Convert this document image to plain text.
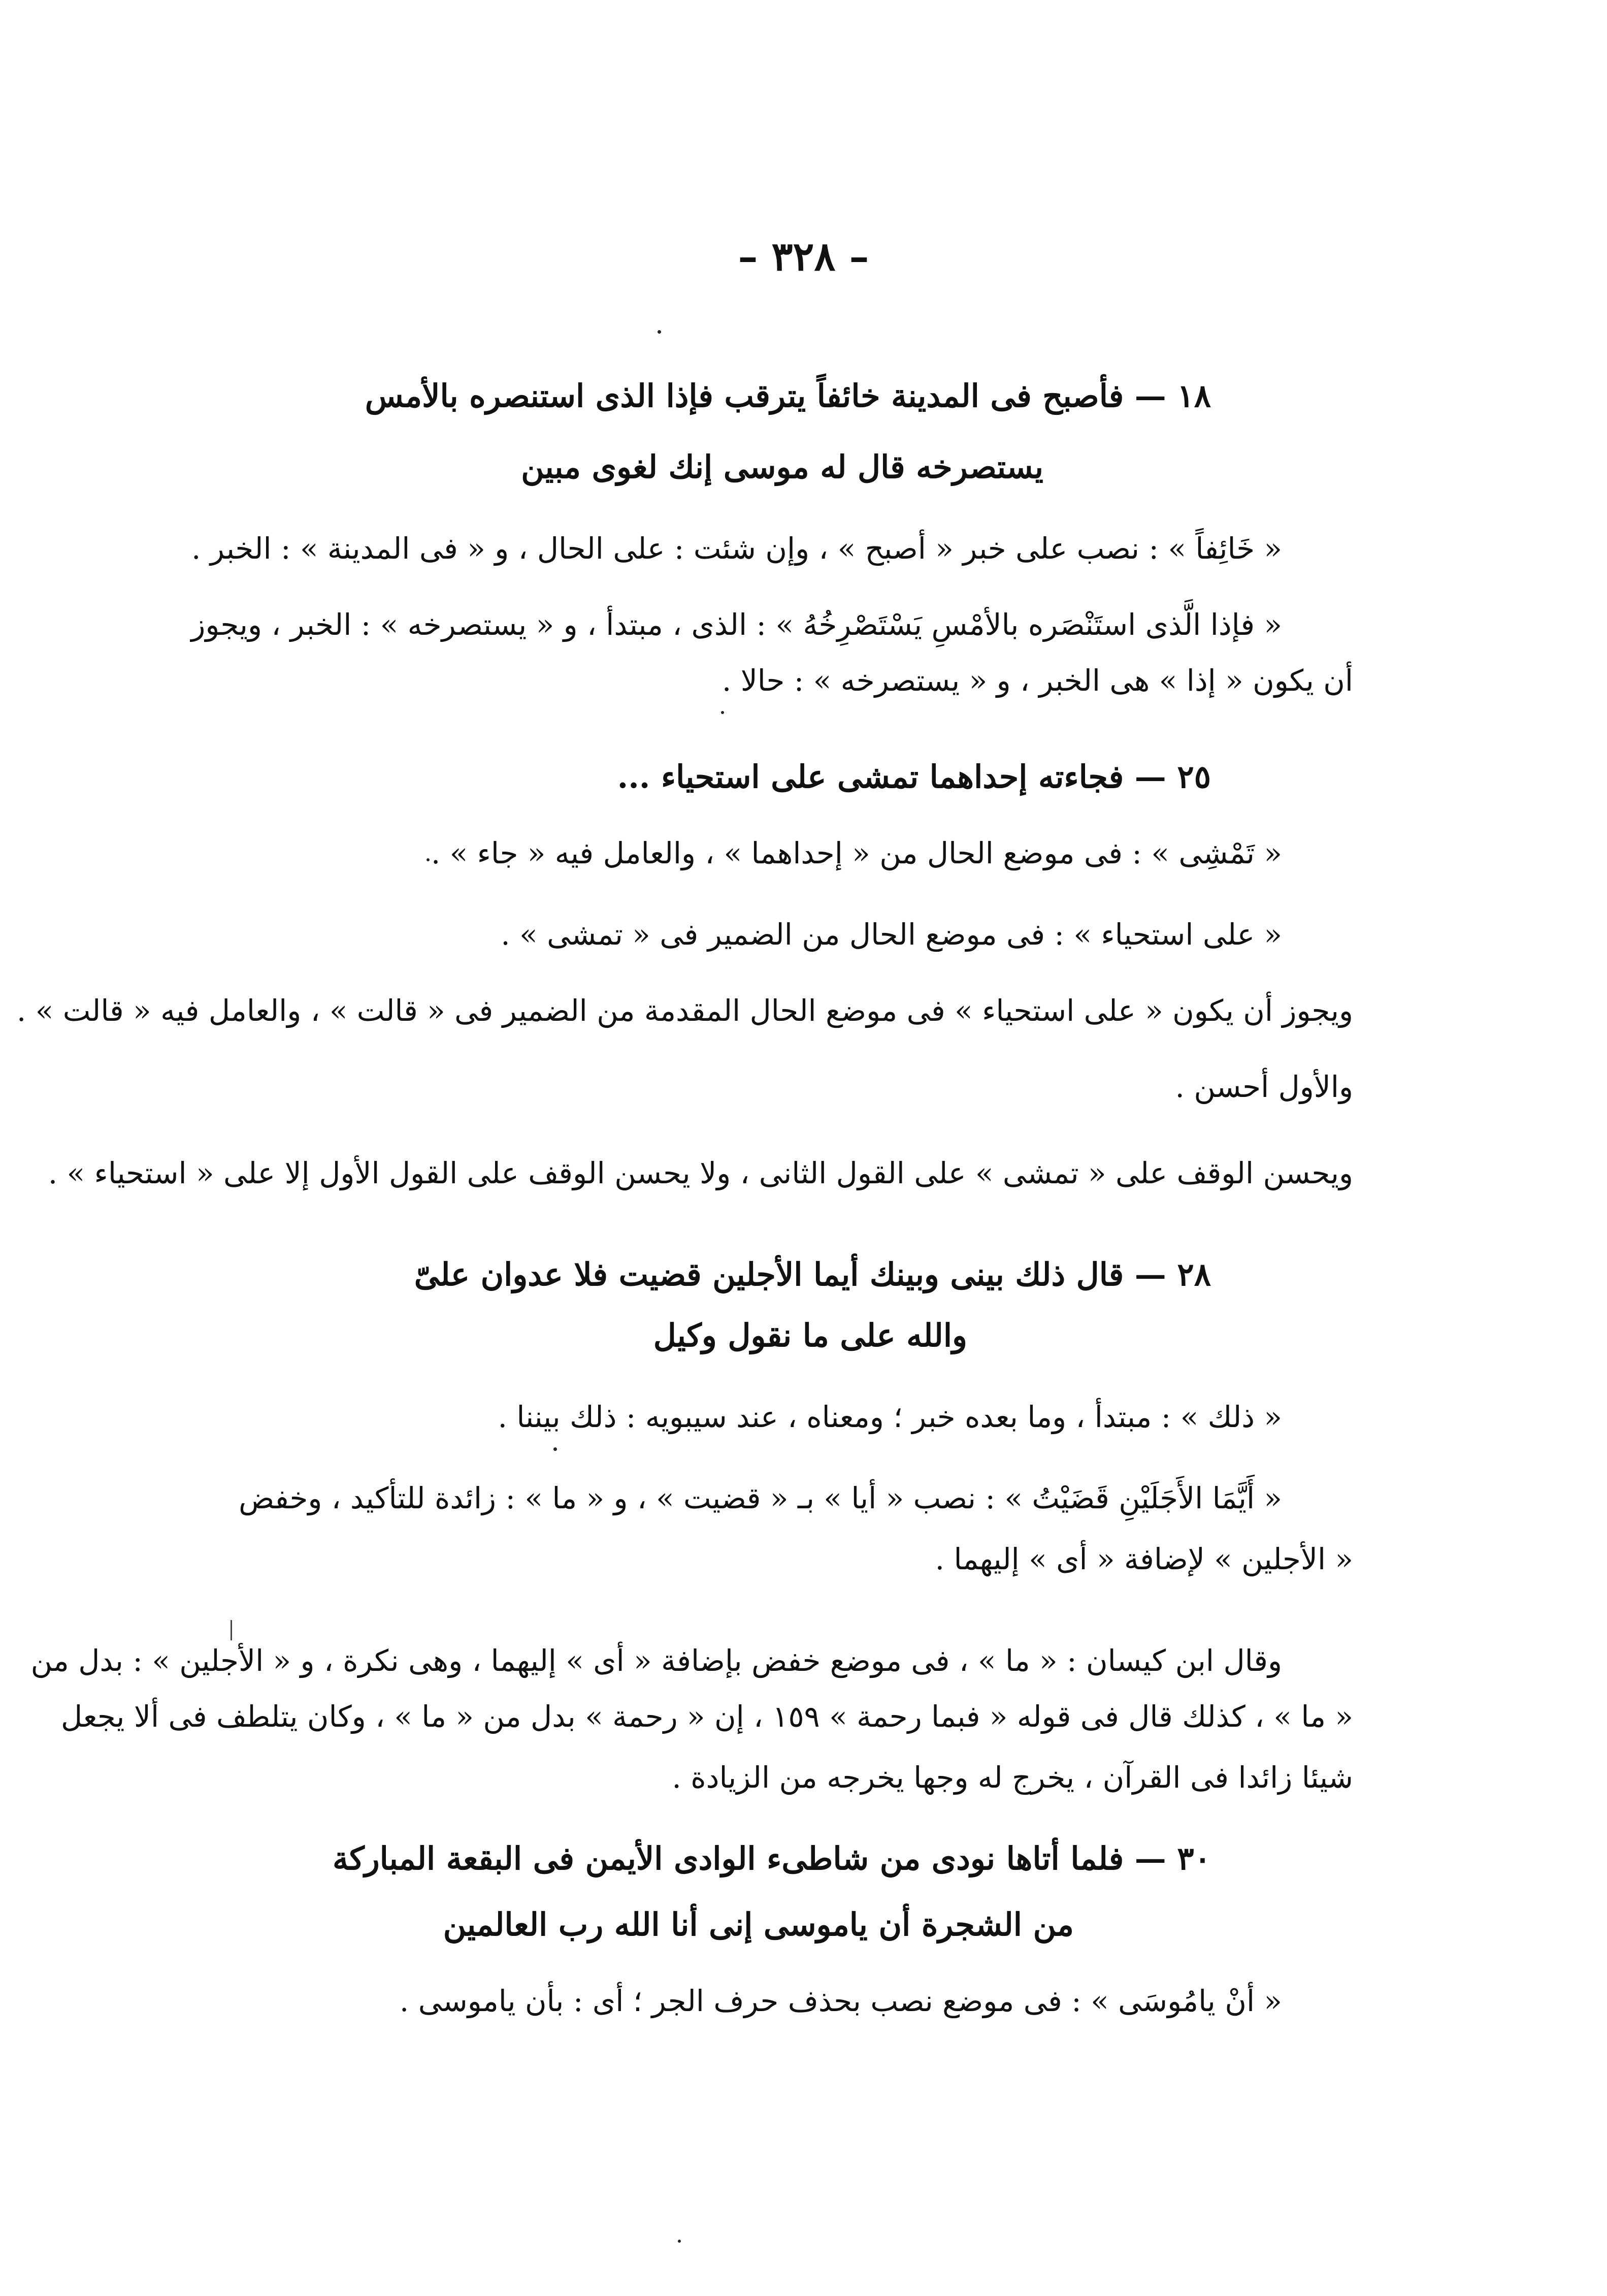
– ٣٢٨ –
١٨ — فأصبح فى المدينة خائفاً يترقب فإذا الذى استنصره بالأمس
يستصرخه قال له موسى إنك لغوى مبين
« خَائِفاً » : نصب على خبر « أصبح » ، وإن شئت : على الحال ، و « فى المدينة » : الخبر .
« فإذا الَّذى استَنْصَره بالأمْسِ يَسْتَصْرِخُهُ » : الذى ، مبتدأ ، و « يستصرخه » : الخبر ، ويجوز
أن يكون « إذا » هى الخبر ، و « يستصرخه » : حالا .
٢٥ — فجاءته إحداهما تمشى على استحياء ...
« تَمْشِى » : فى موضع الحال من « إحداهما » ، والعامل فيه « جاء » .
« على استحياء » : فى موضع الحال من الضمير فى « تمشى » .
ويجوز أن يكون « على استحياء » فى موضع الحال المقدمة من الضمير فى « قالت » ، والعامل فيه « قالت » .
والأول أحسن .
ويحسن الوقف على « تمشى » على القول الثانى ، ولا يحسن الوقف على القول الأول إلا على « استحياء » .
٢٨ — قال ذلك بينى وبينك أيما الأجلين قضيت فلا عدوان علىّ
والله على ما نقول وكيل
« ذلك » : مبتدأ ، وما بعده خبر ؛ ومعناه ، عند سيبويه : ذلك بيننا .
« أَيَّمَا الأَجَلَيْنِ قَضَيْتُ » : نصب « أيا » بـ « قضيت » ، و « ما » : زائدة للتأكيد ، وخفض
« الأجلين » لإضافة « أى » إليهما .
وقال ابن كيسان : « ما » ، فى موضع خفض بإضافة « أى » إليهما ، وهى نكرة ، و « الأجلين » : بدل من
« ما » ، كذلك قال فى قوله « فبما رحمة » ١٥٩ ، إن « رحمة » بدل من « ما » ، وكان يتلطف فى ألا يجعل
شيئا زائدا فى القرآن ، يخرج له وجها يخرجه من الزيادة .
٣٠ — فلما أتاها نودى من شاطىء الوادى الأيمن فى البقعة المباركة
من الشجرة أن ياموسى إنى أنا الله رب العالمين
« أنْ يامُوسَى » : فى موضع نصب بحذف حرف الجر ؛ أى : بأن ياموسى .
